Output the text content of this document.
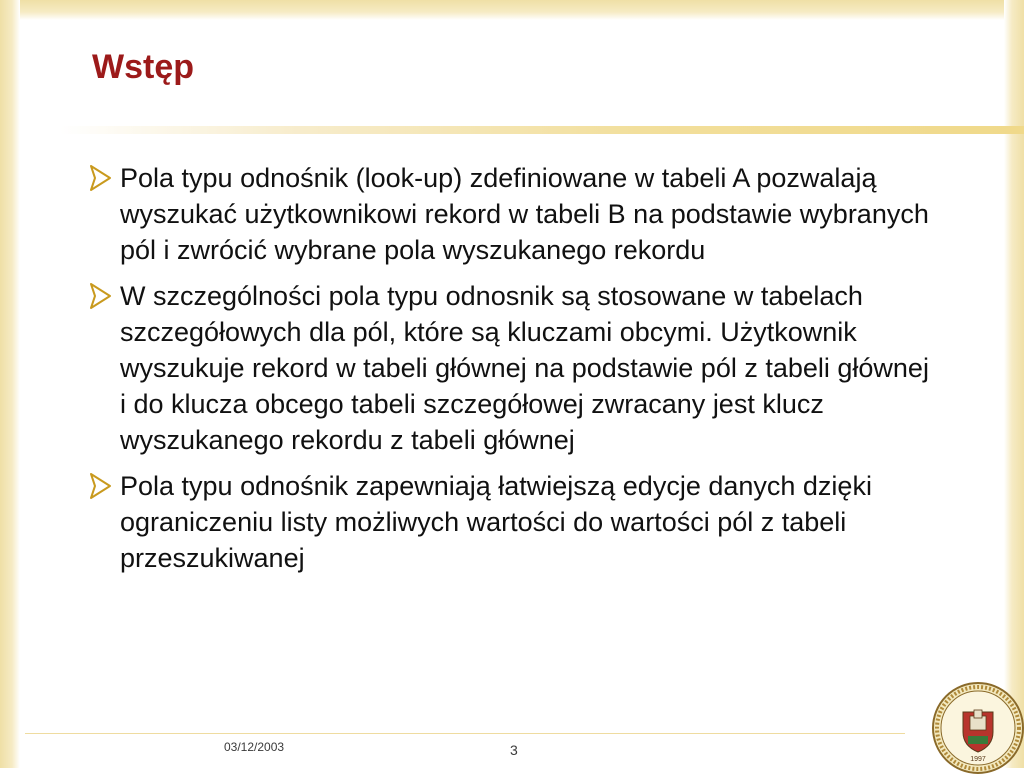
Wstęp
Pola typu odnośnik (look-up) zdefiniowane w tabeli A pozwalają wyszukać użytkownikowi rekord w tabeli B na podstawie wybranych pól i zwrócić wybrane pola wyszukanego rekordu
W szczególności pola typu odnosnik są stosowane w tabelach szczegółowych dla pól, które są kluczami obcymi. Użytkownik wyszukuje rekord w tabeli głównej na podstawie pól z tabeli głównej i do klucza obcego tabeli szczegółowej zwracany jest klucz wyszukanego rekordu z tabeli głównej
Pola typu odnośnik zapewniają łatwiejszą edycje danych dzięki ograniczeniu listy możliwych wartości do wartości pól z tabeli przeszukiwanej
03/12/2003	3
1997
